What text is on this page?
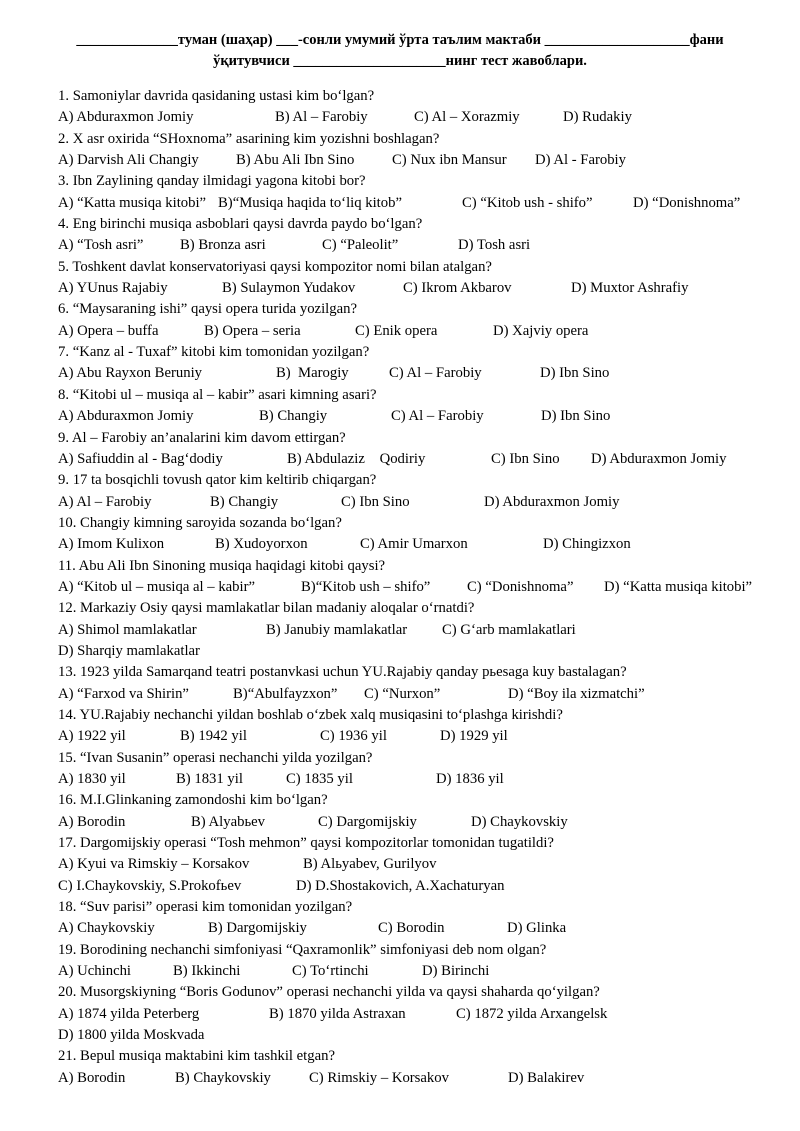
______________туман (шаҳар) ___-сонли умумий ўрта таълим мактаби ____________________фани
ўқитувчиси _____________________нинг тест жавоблари.
1. Samoniylar davrida qasidaning ustasi kim bo‘lgan?
A) Abduraxmon Jomiy	B) Al – Farobiy	C) Al – Xorazmiy	D) Rudakiy
2. X asr oxirida “SHoxnoma” asarining kim yozishni boshlagan?
A) Darvish Ali Changiy	B) Abu Ali Ibn Sino	C) Nux ibn Mansur D) Al - Farobiy
3. Ibn Zaylining qanday ilmidagi yagona kitobi bor?
A) “Katta musiqa kitobi” B)“Musiqa haqida to‘liq kitob”	C) “Kitob ush - shifo”	D) “Donishnoma”
4. Eng birinchi musiqa asboblari qaysi davrda paydo bo‘lgan?
A) “Tosh asri” B) Bronza asri	C) “Paleolit”	D) Tosh asri
5. Toshkent davlat konservatoriyasi qaysi kompozitor nomi bilan atalgan?
A) YUnus Rajabiy	B) Sulaymon Yudakov	C) Ikrom Akbarov	D) Muxtor Ashrafiy
6. “Maysaraning ishi” qaysi opera turida yozilgan?
A) Opera – buffa	B) Opera – seria	C) Enik opera	D) Xajviy opera
7. “Kanz al - Tuxaf” kitobi kim tomonidan yozilgan?
A) Abu Rayxon Beruniy	B)  Marogiy	C) Al – Farobiy	D) Ibn Sino
8. “Kitobi ul – musiqa al – kabir” asari kimning asari?
A) Abduraxmon Jomiy	B) Changiy	C) Al – Farobiy	D) Ibn Sino
9. Al – Farobiy an’analarini kim davom ettirgan?
A) Safiuddin al - Bag‘dodiy	B) Abdulaziz    Qodiriy	C) Ibn Sino D) Abduraxmon Jomiy
9. 17 ta bosqichli tovush qator kim keltirib chiqargan?
A) Al – Farobiy	B) Changiy	C) Ibn Sino	D) Abduraxmon Jomiy
10. Changiy kimning saroyida sozanda bo‘lgan?
A) Imom Kulixon	B) Xudoyorxon	C) Amir Umarxon	D) Chingizxon
11. Abu Ali Ibn Sinoning musiqa haqidagi kitobi qaysi?
A) “Kitob ul – musiqa al – kabir”	B)“Kitob ush – shifo” C) “Donishnoma” D) “Katta musiqa kitobi”
12. Markaziy Osiy qaysi mamlakatlar bilan madaniy aloqalar o‘rnatdi?
A) Shimol mamlakatlar	B) Janubiy mamlakatlar C) G‘arb mamlakatlari
D) Sharqiy mamlakatlar
13. 1923 yilda Samarqand teatri postanvkasi uchun YU.Rajabiy qanday pьesaga kuy bastalagan?
A) “Farxod va Shirin”	B)“Abulfayzxon” C) “Nurxon”	D) “Boy ila xizmatchi”
14. YU.Rajabiy nechanchi yildan boshlab o‘zbek xalq musiqasini to‘plashga kirishdi?
A) 1922 yil	B) 1942 yil	C) 1936 yil	D) 1929 yil
15. “Ivan Susanin” operasi nechanchi yilda yozilgan?
A) 1830 yil	B) 1831 yil	C) 1835 yil	D) 1836 yil
16. M.I.Glinkaning zamondoshi kim bo‘lgan?
A) Borodin	B) Alyabьev	C) Dargomijskiy	D) Chaykovskiy
17. Dargomijskiy operasi “Tosh mehmon” qaysi kompozitorlar tomonidan tugatildi?
A) Kyui va Rimskiy – Korsakov	B) Alьyabev, Gurilyov
C) I.Chaykovskiy, S.Prokofьev	D) D.Shostakovich, A.Xachaturyan
18. “Suv parisi” operasi kim tomonidan yozilgan?
A) Chaykovskiy	B) Dargomijskiy	C) Borodin	D) Glinka
19. Borodining nechanchi simfoniyasi “Qaxramonlik” simfoniyasi deb nom olgan?
A) Uchinchi	B) Ikkinchi	C) To‘rtinchi	D) Birinchi
20. Musorgskiyning “Boris Godunov” operasi nechanchi yilda va qaysi shaharda qo‘yilgan?
A) 1874 yilda Peterberg	B) 1870 yilda Astraxan	C) 1872 yilda Arxangelsk
D) 1800 yilda Moskvada
21. Bepul musiqa maktabini kim tashkil etgan?
A) Borodin	B) Chaykovskiy	C) Rimskiy – Korsakov	D) Balakirev
